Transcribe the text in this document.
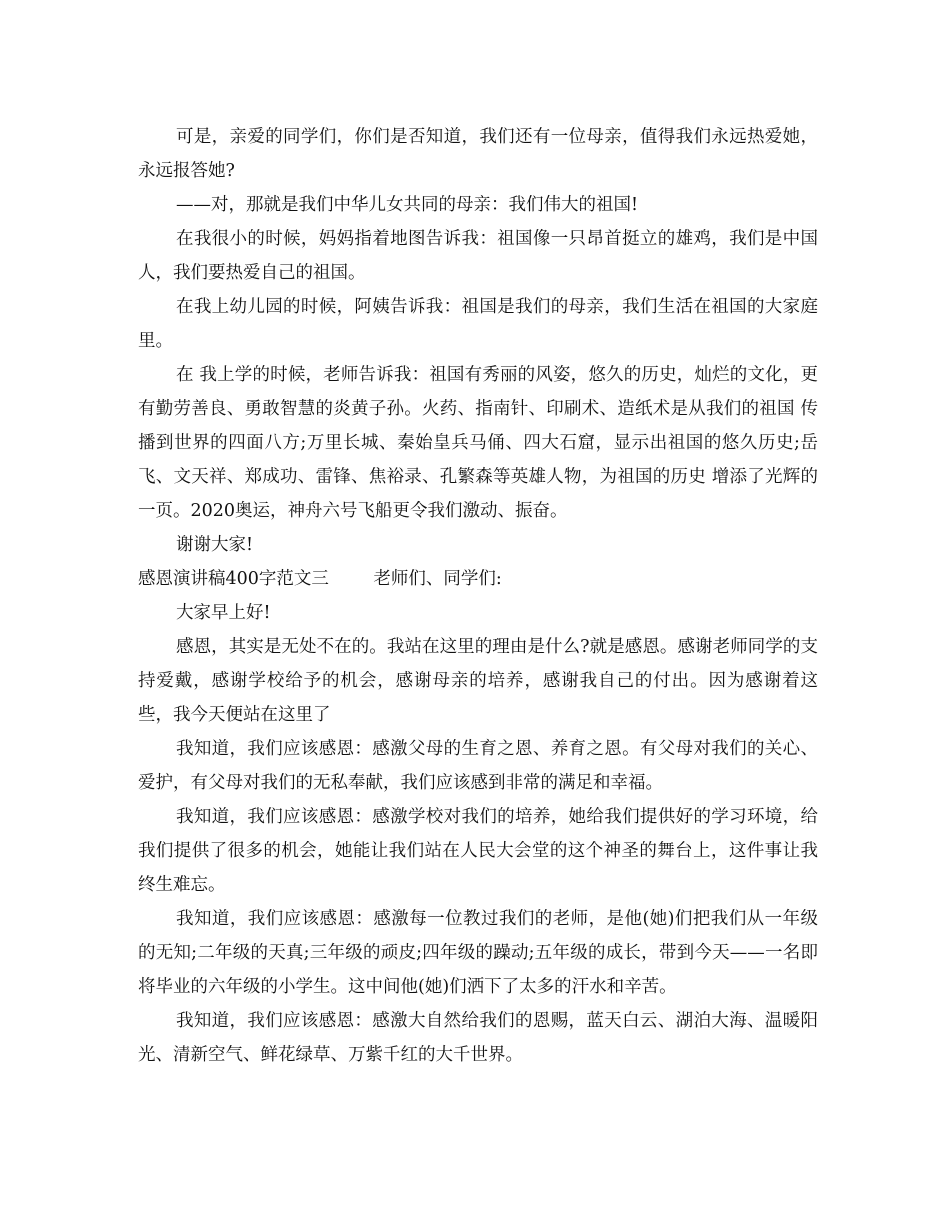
可是，亲爱的同学们，你们是否知道，我们还有一位母亲，值得我们永远热爱她，永远报答她?

——对，那就是我们中华儿女共同的母亲：我们伟大的祖国!

在我很小的时候，妈妈指着地图告诉我：祖国像一只昂首挺立的雄鸡，我们是中国人，我们要热爱自己的祖国。

在我上幼儿园的时候，阿姨告诉我：祖国是我们的母亲，我们生活在祖国的大家庭里。

在 我上学的时候，老师告诉我：祖国有秀丽的风姿，悠久的历史，灿烂的文化，更有勤劳善良、勇敢智慧的炎黄子孙。火药、指南针、印刷术、造纸术是从我们的祖国 传播到世界的四面八方;万里长城、秦始皇兵马俑、四大石窟，显示出祖国的悠久历史;岳飞、文天祥、郑成功、雷锋、焦裕录、孔繁森等英雄人物，为祖国的历史 增添了光辉的一页。2020奥运，神舟六号飞船更令我们激动、振奋。

谢谢大家!

感恩演讲稿400字范文三	老师们、同学们:

大家早上好!

感恩，其实是无处不在的。我站在这里的理由是什么?就是感恩。感谢老师同学的支持爱戴，感谢学校给予的机会，感谢母亲的培养，感谢我自己的付出。因为感谢着这些，我今天便站在这里了

我知道，我们应该感恩：感激父母的生育之恩、养育之恩。有父母对我们的关心、爱护，有父母对我们的无私奉献，我们应该感到非常的满足和幸福。

我知道，我们应该感恩：感激学校对我们的培养，她给我们提供好的学习环境，给我们提供了很多的机会，她能让我们站在人民大会堂的这个神圣的舞台上，这件事让我终生难忘。

我知道，我们应该感恩：感激每一位教过我们的老师，是他(她)们把我们从一年级的无知;二年级的天真;三年级的顽皮;四年级的躁动;五年级的成长，带到今天——一名即将毕业的六年级的小学生。这中间他(她)们洒下了太多的汗水和辛苦。

我知道，我们应该感恩：感激大自然给我们的恩赐，蓝天白云、湖泊大海、温暖阳光、清新空气、鲜花绿草、万紫千红的大千世界。
